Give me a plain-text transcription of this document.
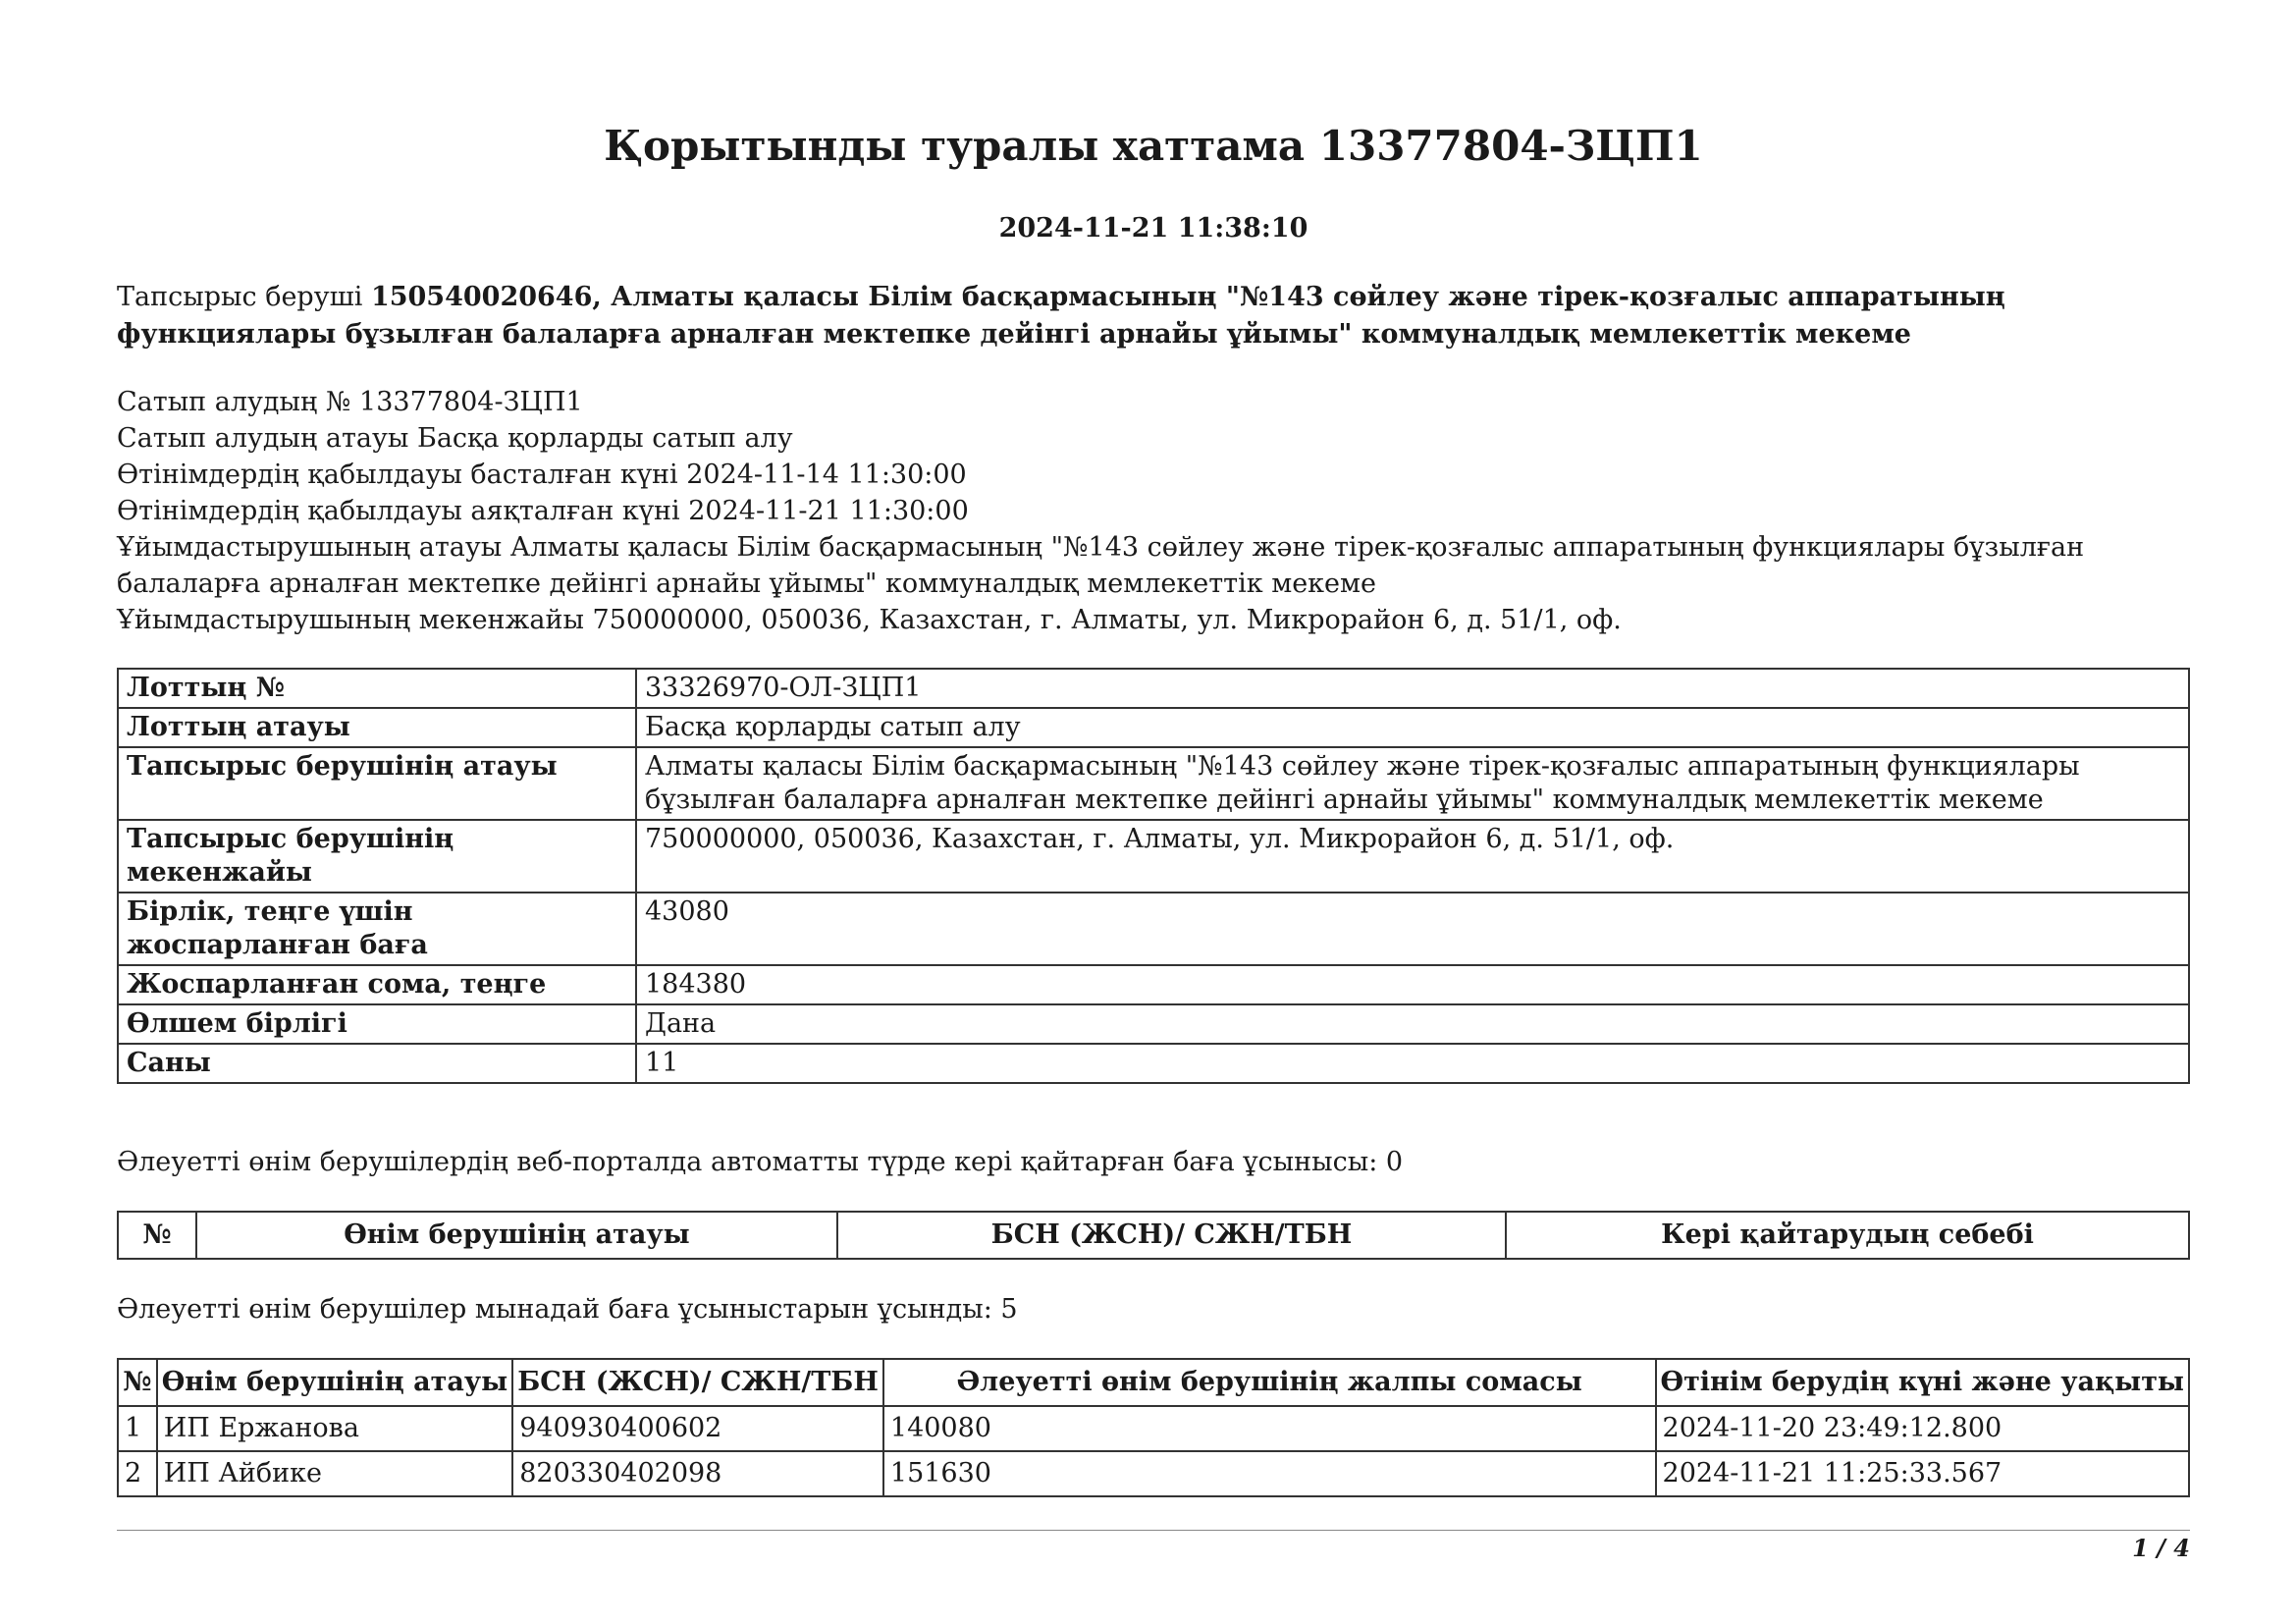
Қорытынды туралы хаттама 13377804-ЗЦП1
2024-11-21 11:38:10
Тапсырыс беруші 150540020646, Алматы қаласы Білім басқармасының "№143 сөйлеу және тірек-қозғалыс аппаратының функциялары бұзылған балаларға арналған мектепке дейінгі арнайы ұйымы" коммуналдық мемлекеттік мекеме
Сатып алудың № 13377804-ЗЦП1
Сатып алудың атауы Басқа қорларды сатып алу
Өтінімдердің қабылдауы басталған күні 2024-11-14 11:30:00
Өтінімдердің қабылдауы аяқталған күні 2024-11-21 11:30:00
Ұйымдастырушының атауы Алматы қаласы Білім басқармасының "№143 сөйлеу және тірек-қозғалыс аппаратының функциялары бұзылған балаларға арналған мектепке дейінгі арнайы ұйымы" коммуналдық мемлекеттік мекеме
Ұйымдастырушының мекенжайы 750000000, 050036, Казахстан, г. Алматы, ул. Микрорайон 6, д. 51/1, оф.
Лоттың №	33326970-ОЛ-ЗЦП1
Лоттың атауы	Басқа қорларды сатып алу
Тапсырыс берушінің атауы	Алматы қаласы Білім басқармасының "№143 сөйлеу және тірек-қозғалыс аппаратының функциялары бұзылған балаларға арналған мектепке дейінгі арнайы ұйымы" коммуналдық мемлекеттік мекеме
Тапсырыс берушінің мекенжайы	750000000, 050036, Казахстан, г. Алматы, ул. Микрорайон 6, д. 51/1, оф.
Бірлік, теңге үшін жоспарланған баға	43080
Жоспарланған сома, теңге	184380
Өлшем бірлігі	Дана
Саны	11
Әлеуетті өнім берушілердің веб-порталда автоматты түрде кері қайтарған баға ұсынысы: 0
№	Өнім берушінің атауы	БСН (ЖСН)/ СЖН/ТБН	Кері қайтарудың себебі
Әлеуетті өнім берушілер мынадай баға ұсыныстарын ұсынды: 5
№	Өнім берушінің атауы	БСН (ЖСН)/ СЖН/ТБН	Әлеуетті өнім берушінің жалпы сомасы	Өтінім берудің күні және уақыты
1	ИП Ержанова	940930400602	140080	2024-11-20 23:49:12.800
2	ИП Айбике	820330402098	151630	2024-11-21 11:25:33.567
1 / 4
